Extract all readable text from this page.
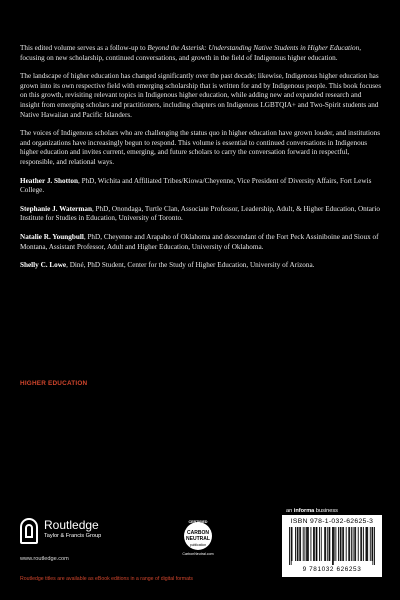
This edited volume serves as a follow-up to Beyond the Asterisk: Understanding Native Students in Higher Education, focusing on new scholarship, continued conversations, and growth in the field of Indigenous higher education.

The landscape of higher education has changed significantly over the past decade; likewise, Indigenous higher education has grown into its own respective field with emerging scholarship that is written for and by Indigenous people. This book focuses on this growth, revisiting relevant topics in Indigenous higher education, while adding new and expanded research and insight from emerging scholars and practitioners, including chapters on Indigenous LGBTQIA+ and Two-Spirit students and Native Hawaiian and Pacific Islanders.

The voices of Indigenous scholars who are challenging the status quo in higher education have grown louder, and institutions and organizations have increasingly begun to respond. This volume is essential to continued conversations in Indigenous higher education and invites current, emerging, and future scholars to carry the conversation forward in respectful, responsible, and relational ways.

Heather J. Shotton, PhD, Wichita and Affiliated Tribes/Kiowa/Cheyenne, Vice President of Diversity Affairs, Fort Lewis College.

Stephanie J. Waterman, PhD, Onondaga, Turtle Clan, Associate Professor, Leadership, Adult, & Higher Education, Ontario Institute for Studies in Education, University of Toronto.

Natalie R. Youngbull, PhD, Cheyenne and Arapaho of Oklahoma and descendant of the Fort Peck Assiniboine and Sioux of Montana, Assistant Professor, Adult and Higher Education, University of Oklahoma.

Shelly C. Lowe, Diné, PhD Student, Center for the Study of Higher Education, University of Arizona.

HIGHER EDUCATION
Routledge
Taylor & Francis Group
www.routledge.com
Routledge titles are available as eBook editions in a range of digital formats
CERTIFIED
CARBON
NEUTRAL
publication
CarbonNeutral.com
an informa business
ISBN 978-1-032-62625-3
9 781032 626253
